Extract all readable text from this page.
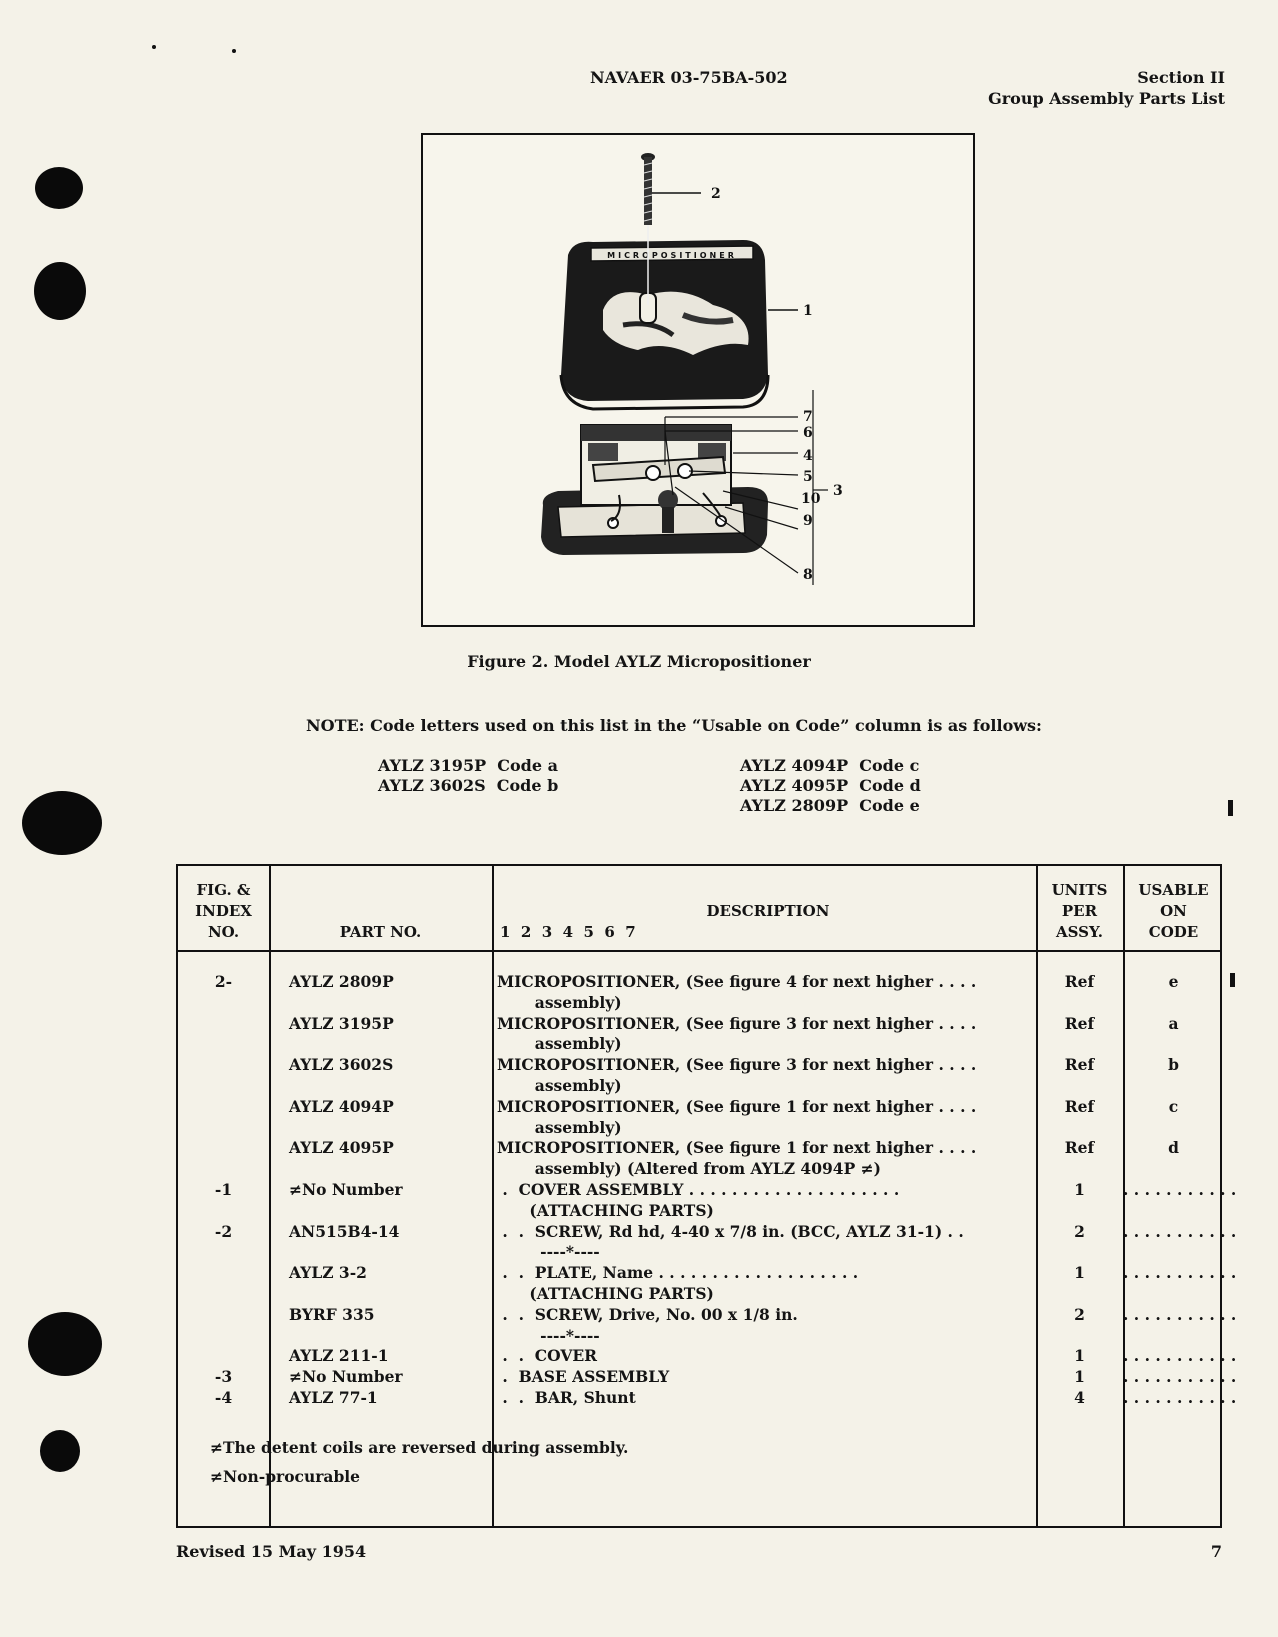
NAVAER 03-75BA-502	Section II
Group Assembly Parts List
MICROPOSITIONER
2
1
7
6
4
5
3
10
9
8
Figure 2. Model AYLZ Micropositioner
NOTE: Code letters used on this list in the “Usable on Code” column is as follows:
AYLZ 3195P  Code a
AYLZ 3602S  Code b
AYLZ 4094P  Code c
AYLZ 4095P  Code d
AYLZ 2809P  Code e
FIG. &
INDEX
NO.	PART NO.
DESCRIPTION
1  2  3  4  5  6  7
UNITS
PER
ASSY.
USABLE
ON
CODE
2-	AYLZ 2809P	MICROPOSITIONER, (See figure 4 for next higher . . . .	Ref	e
assembly)
AYLZ 3195P	MICROPOSITIONER, (See figure 3 for next higher . . . .	Ref	a
assembly)
AYLZ 3602S	MICROPOSITIONER, (See figure 3 for next higher . . . .	Ref	b
assembly)
AYLZ 4094P	MICROPOSITIONER, (See figure 1 for next higher . . . .	Ref	c
assembly)
AYLZ 4095P	MICROPOSITIONER, (See figure 1 for next higher . . . .	Ref	d
assembly) (Altered from AYLZ 4094P ≠)
-1	≠No Number	.  COVER ASSEMBLY . . . . . . . . . . . . . . . . . . . .	1	. . . . . . . . . . .
(ATTACHING PARTS)
-2	AN515B4-14	.  .  SCREW, Rd hd, 4-40 x 7/8 in. (BCC, AYLZ 31-1) . .	2	. . . . . . . . . . .
----*----
AYLZ 3-2	.  .  PLATE, Name . . . . . . . . . . . . . . . . . . .	1	. . . . . . . . . . .
(ATTACHING PARTS)
BYRF 335	.  .  SCREW, Drive, No. 00 x 1/8 in.	2	. . . . . . . . . . .
----*----
AYLZ 211-1	.  .  COVER	1	. . . . . . . . . . .
-3	≠No Number	.  BASE ASSEMBLY	1	. . . . . . . . . . .
-4	AYLZ 77-1	.  .  BAR, Shunt	4	. . . . . . . . . . .
≠The detent coils are reversed during assembly.
≠Non-procurable
Revised 15 May 1954	7
